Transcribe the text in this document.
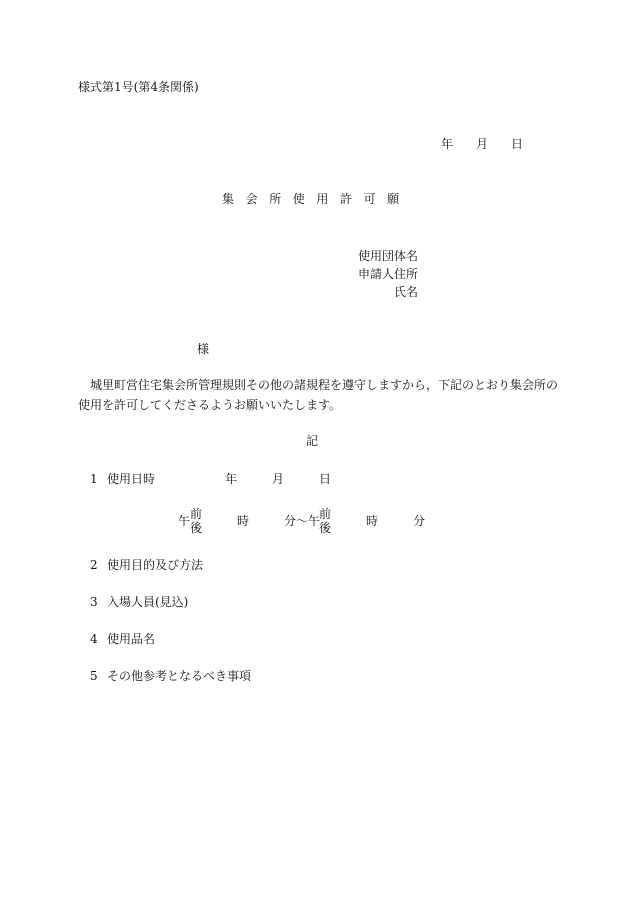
様式第1号(第4条関係)
年 月 日
集 会 所 使 用 許 可 願
使用団体名
申請人住所
氏名
様
城里町営住宅集会所管理規則その他の諸規程を遵守しますから，下記のとおり集会所の
使用を許可してくださるようお願いいたします。
記
1 使用日時	年	月	日
午 前
後	時	分〜 午
前
後	時	分
2 使用目的及び方法
3 入場人員(見込)
4 使用品名
5 その他参考となるべき事項
